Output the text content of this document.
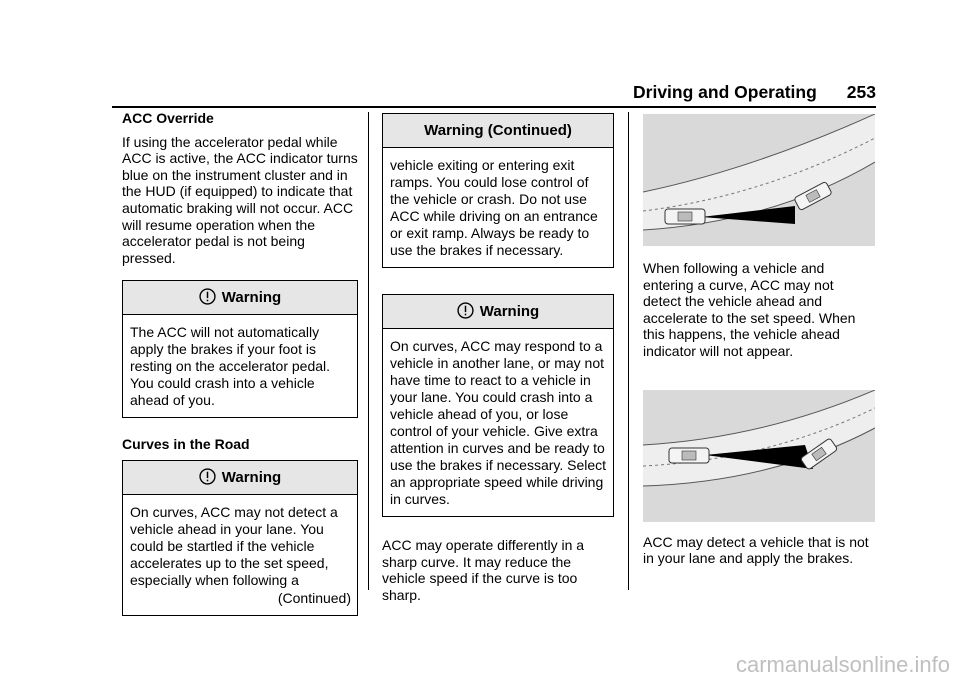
Driving and Operating 253
ACC Override

If using the accelerator pedal while ACC is active, the ACC indicator turns blue on the instrument cluster and in the HUD (if equipped) to indicate that automatic braking will not occur. ACC will resume operation when the accelerator pedal is not being pressed.

Warning
The ACC will not automatically apply the brakes if your foot is resting on the accelerator pedal. You could crash into a vehicle ahead of you.
Curves in the Road
Warning
On curves, ACC may not detect a vehicle ahead in your lane. You could be startled if the vehicle accelerates up to the set speed, especially when following a
(Continued)
Warning (Continued)
vehicle exiting or entering exit ramps. You could lose control of the vehicle or crash. Do not use ACC while driving on an entrance or exit ramp. Always be ready to use the brakes if necessary.
Warning
On curves, ACC may respond to a vehicle in another lane, or may not have time to react to a vehicle in your lane. You could crash into a vehicle ahead of you, or lose control of your vehicle. Give extra attention in curves and be ready to use the brakes if necessary. Select an appropriate speed while driving in curves.

ACC may operate differently in a sharp curve. It may reduce the vehicle speed if the curve is too sharp.

When following a vehicle and entering a curve, ACC may not detect the vehicle ahead and accelerate to the set speed. When this happens, the vehicle ahead indicator will not appear.

ACC may detect a vehicle that is not in your lane and apply the brakes.

carmanualsonline.info
